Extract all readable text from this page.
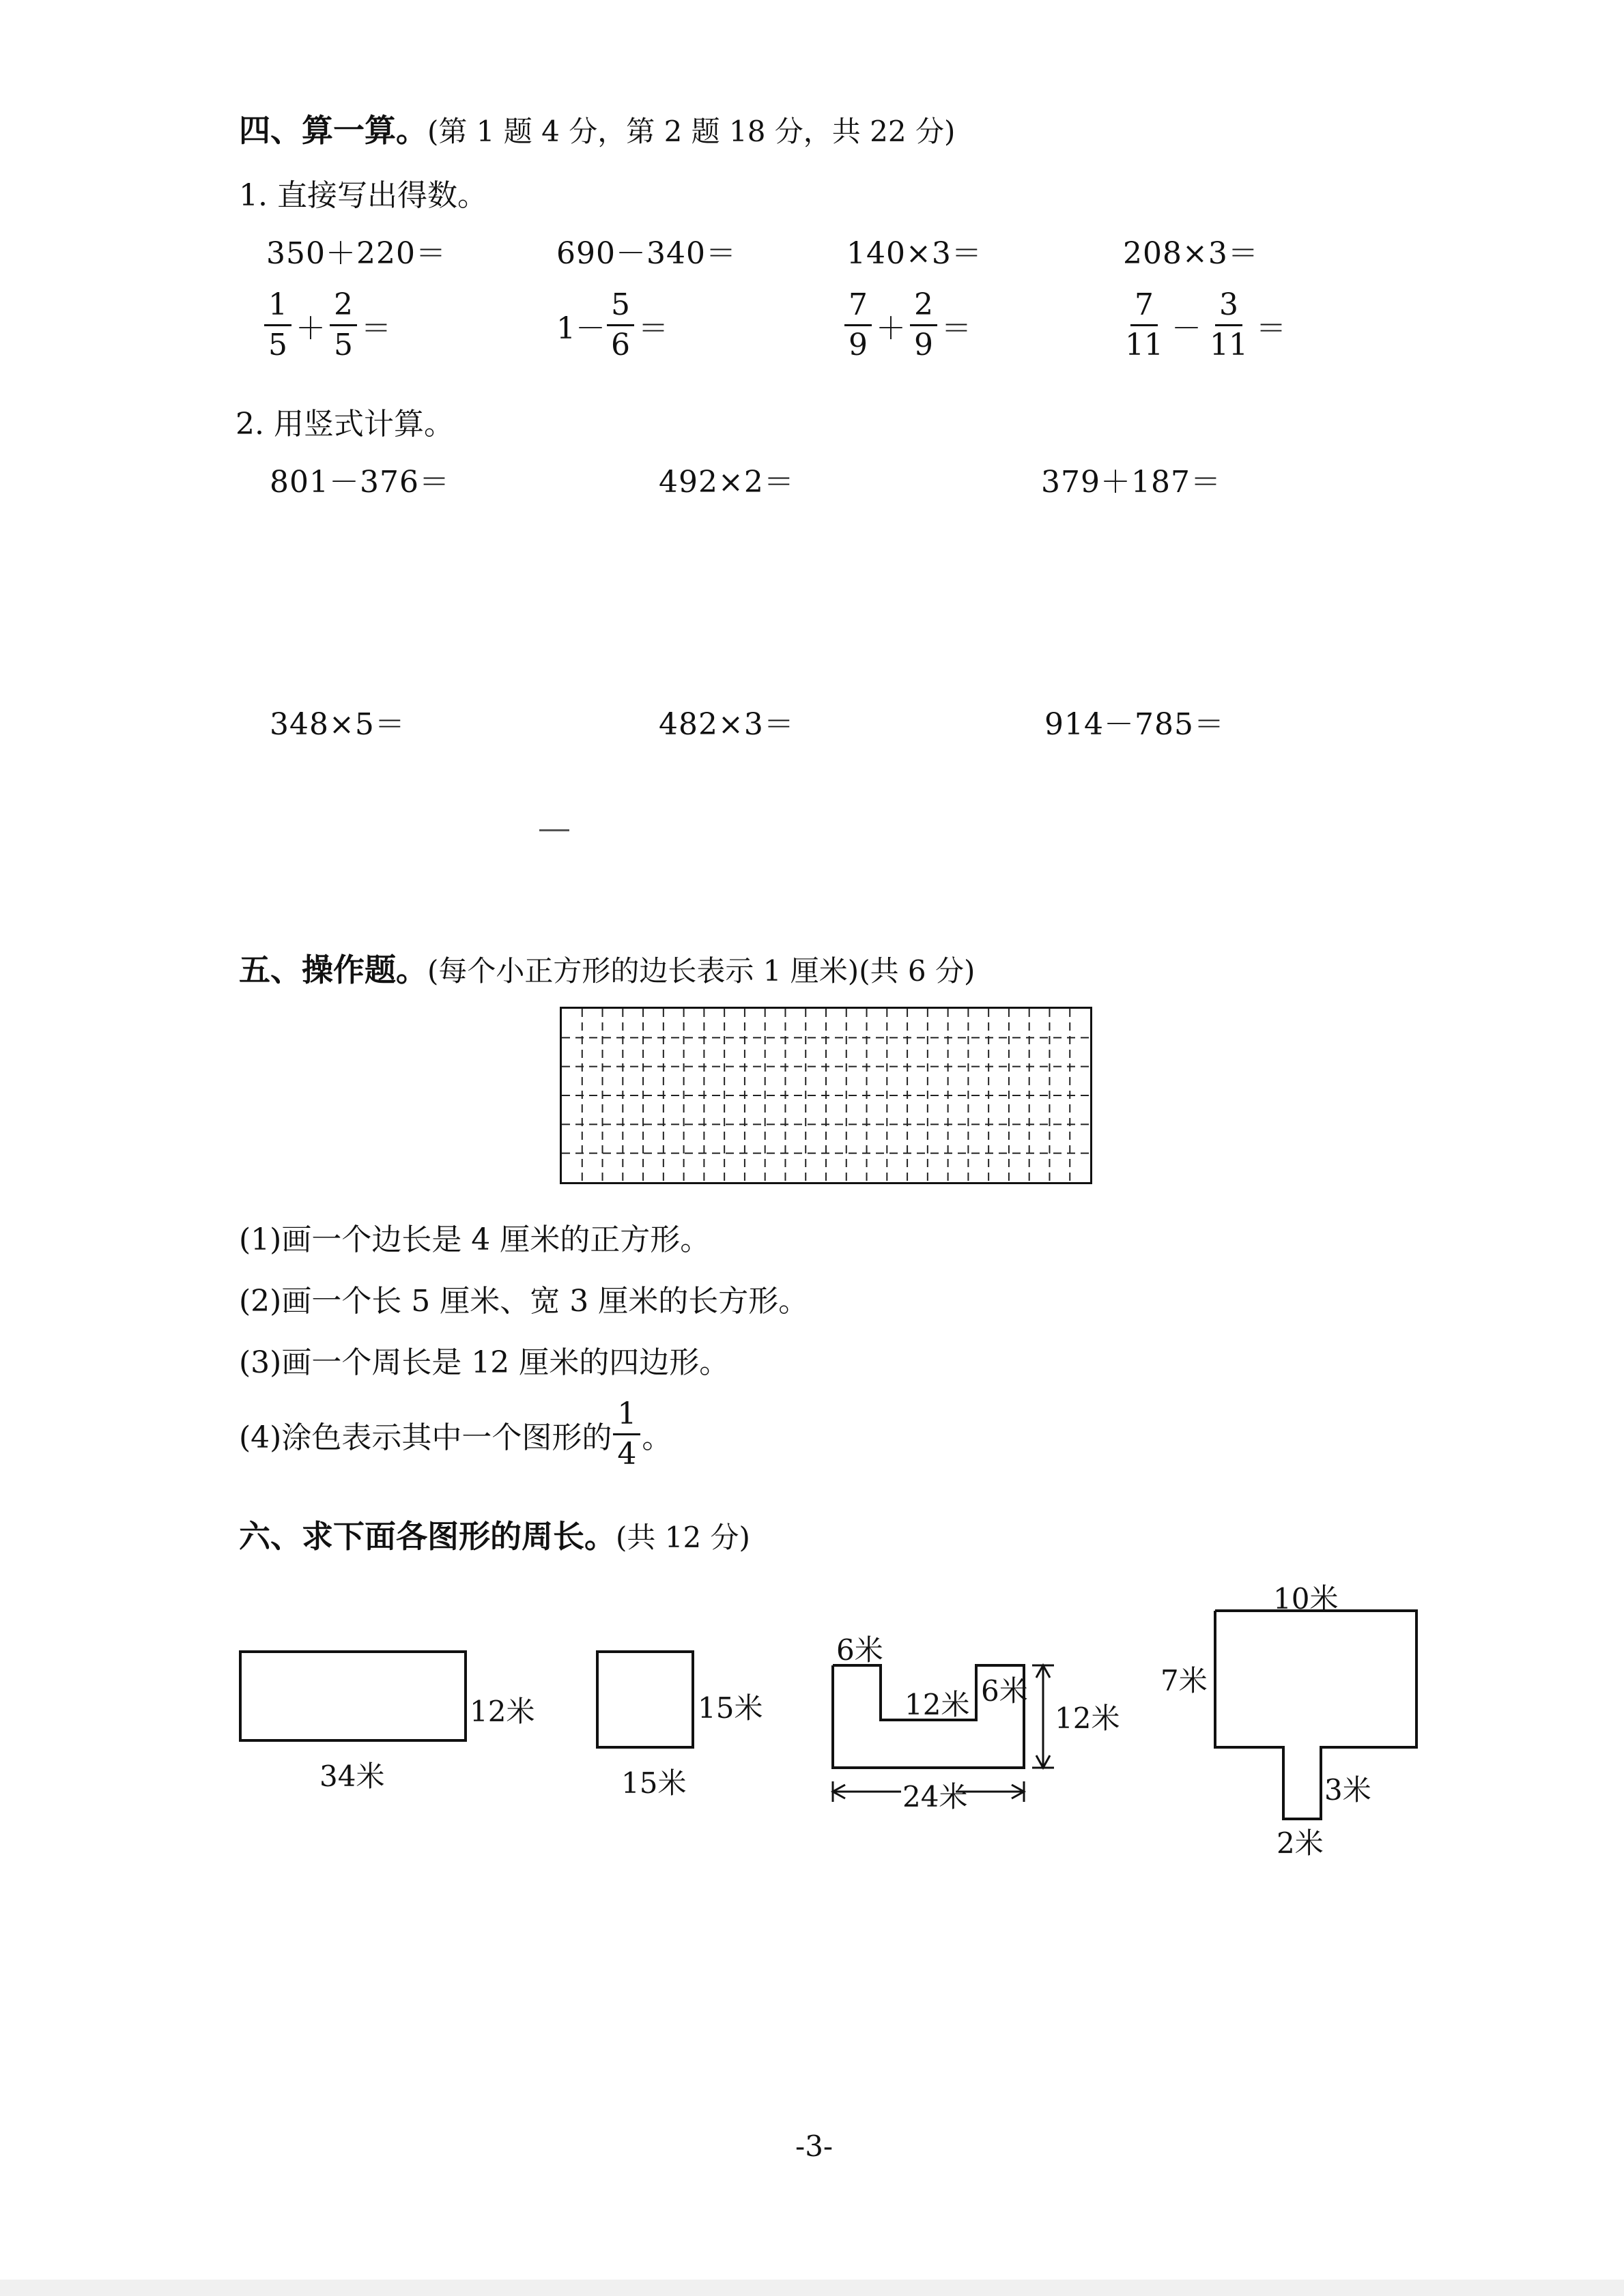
四、算一算。(第 1 题 4 分，第 2 题 18 分，共 22 分)
1. 直接写出得数。
350＋220＝	690－340＝	140×3＝	208×3＝
$\frac{1}{5} + \frac{2}{5}$ ＝	$1- \frac{5}{6}$ ＝	$\frac{7}{9} + \frac{2}{9}$ ＝	$\frac{7}{11} - \frac{3}{11}$ ＝
2. 用竖式计算。
801－376＝	492×2＝	379＋187＝
348×5＝	482×3＝	914－785＝
五、操作题。(每个小正方形的边长表示 1 厘米)(共 6 分)
(1)画一个边长是 4 厘米的正方形。
(2)画一个长 5 厘米、宽 3 厘米的长方形。
(3)画一个周长是 12 厘米的四边形。
(4)涂色表示其中一个图形的 $\frac{1}{4}$ 。
六、求下面各图形的周长。(共 12 分)
12米
34米
15米
15米
6米
12米 6米
12米
24米
10米
7米
3米
2米
-3-
